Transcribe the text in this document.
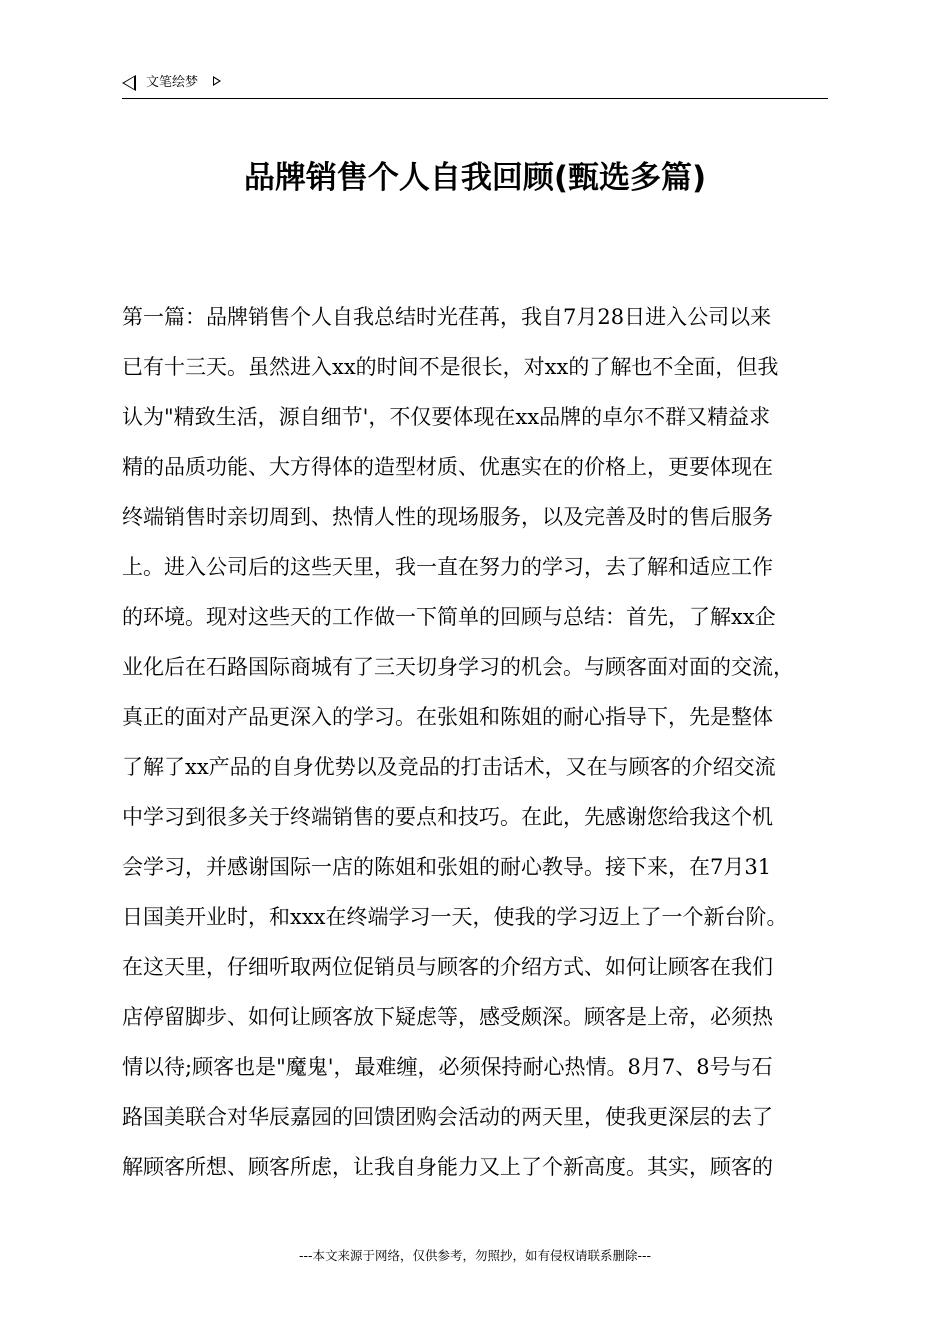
文笔绘梦
品牌销售个人自我回顾(甄选多篇)

第一篇：品牌销售个人自我总结时光荏苒，我自7月28日进入公司以来
已有十三天。虽然进入xx的时间不是很长，对xx的了解也不全面，但我
认为"精致生活，源自细节'，不仅要体现在xx品牌的卓尔不群又精益求
精的品质功能、大方得体的造型材质、优惠实在的价格上，更要体现在
终端销售时亲切周到、热情人性的现场服务，以及完善及时的售后服务
上。进入公司后的这些天里，我一直在努力的学习，去了解和适应工作
的环境。现对这些天的工作做一下简单的回顾与总结：首先，了解xx企
业化后在石路国际商城有了三天切身学习的机会。与顾客面对面的交流，
真正的面对产品更深入的学习。在张姐和陈姐的耐心指导下，先是整体
了解了xx产品的自身优势以及竞品的打击话术，又在与顾客的介绍交流
中学习到很多关于终端销售的要点和技巧。在此，先感谢您给我这个机
会学习，并感谢国际一店的陈姐和张姐的耐心教导。接下来，在7月31
日国美开业时，和xxx在终端学习一天，使我的学习迈上了一个新台阶。
在这天里，仔细听取两位促销员与顾客的介绍方式、如何让顾客在我们
店停留脚步、如何让顾客放下疑虑等，感受颇深。顾客是上帝，必须热
情以待;顾客也是"魔鬼'，最难缠，必须保持耐心热情。8月7、8号与石
路国美联合对华辰嘉园的回馈团购会活动的两天里，使我更深层的去了
解顾客所想、顾客所虑，让我自身能力又上了个新高度。其实，顾客的

---本文来源于网络，仅供参考，勿照抄，如有侵权请联系删除---
